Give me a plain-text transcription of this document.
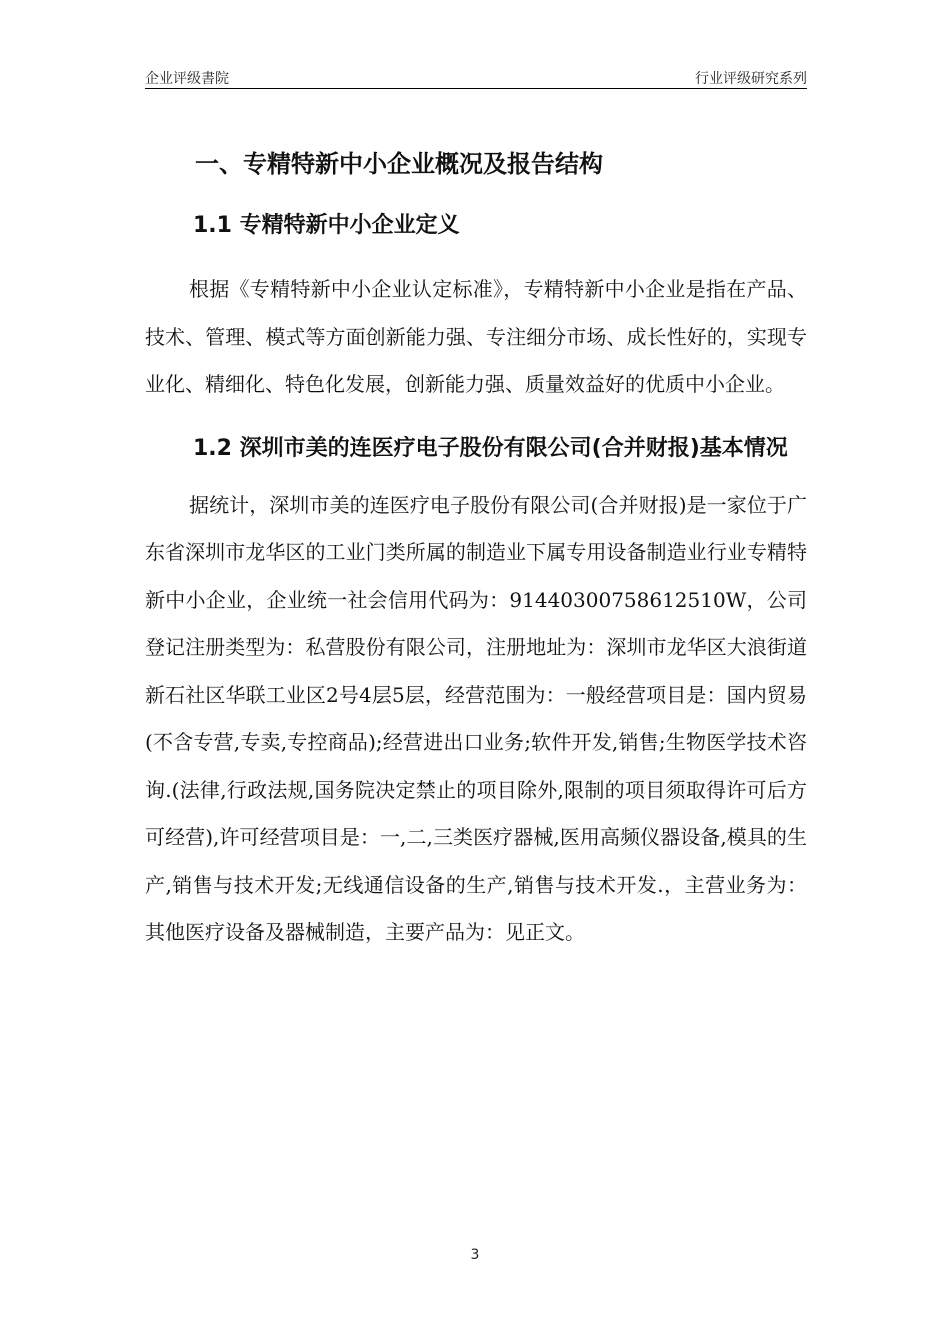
企业评级書院	行业评级研究系列
一、专精特新中小企业概况及报告结构
1.1 专精特新中小企业定义

根据《专精特新中小企业认定标准》，专精特新中小企业是指在产品、技术、管理、模式等方面创新能力强、专注细分市场、成长性好的，实现专业化、精细化、特色化发展，创新能力强、质量效益好的优质中小企业。

1.2 深圳市美的连医疗电子股份有限公司(合并财报)基本情况

据统计，深圳市美的连医疗电子股份有限公司(合并财报)是一家位于广东省深圳市龙华区的工业门类所属的制造业下属专用设备制造业行业专精特新中小企业，企业统一社会信用代码为：91440300758612510W，公司登记注册类型为：私营股份有限公司，注册地址为：深圳市龙华区大浪街道新石社区华联工业区2号4层5层，经营范围为：一般经营项目是：国内贸易(不含专营,专卖,专控商品);经营进出口业务;软件开发,销售;生物医学技术咨询.(法律,行政法规,国务院决定禁止的项目除外,限制的项目须取得许可后方可经营),许可经营项目是：一,二,三类医疗器械,医用高频仪器设备,模具的生产,销售与技术开发;无线通信设备的生产,销售与技术开发.，主营业务为：其他医疗设备及器械制造，主要产品为：见正文。

3
